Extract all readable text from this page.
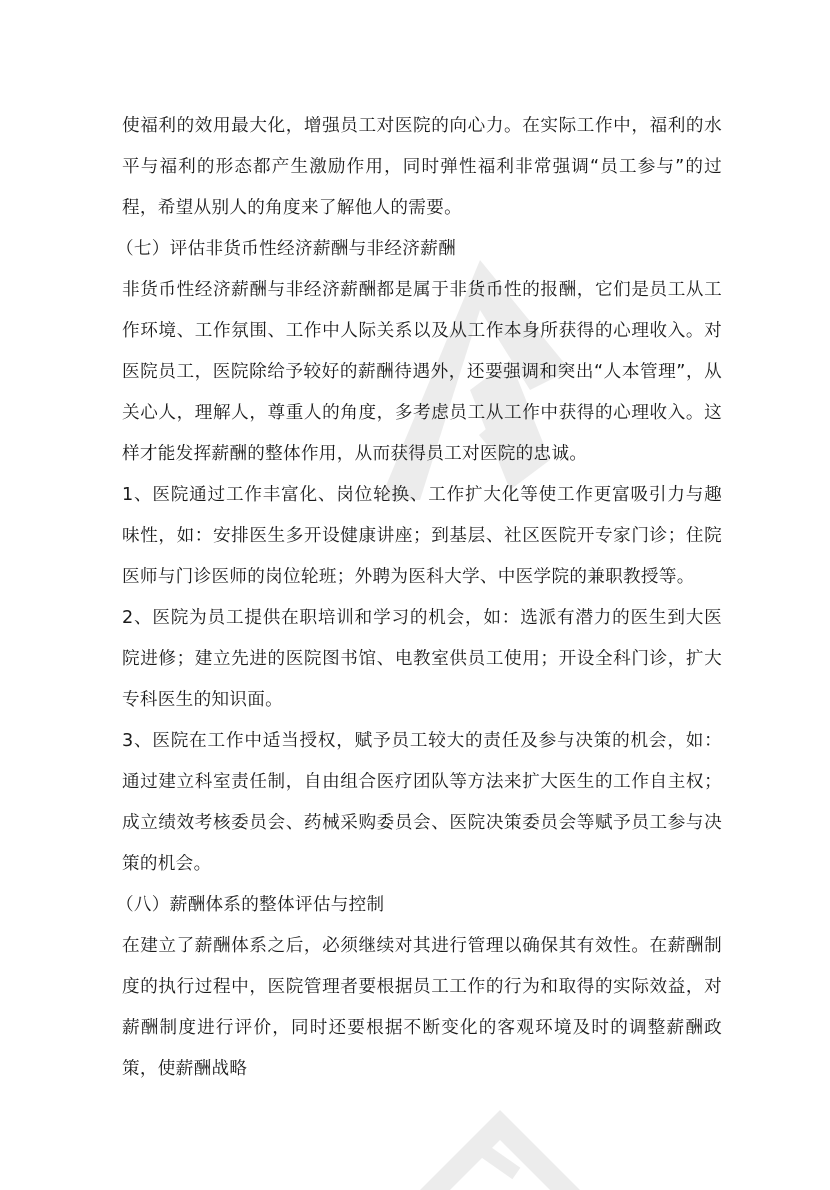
使福利的效用最大化，增强员工对医院的向心力。在实际工作中，福利的水平与福利的形态都产生激励作用，同时弹性福利非常强调“员工参与”的过程，希望从别人的角度来了解他人的需要。

（七）评估非货币性经济薪酬与非经济薪酬

非货币性经济薪酬与非经济薪酬都是属于非货币性的报酬，它们是员工从工作环境、工作氛围、工作中人际关系以及从工作本身所获得的心理收入。对医院员工，医院除给予较好的薪酬待遇外，还要强调和突出“人本管理”，从关心人，理解人，尊重人的角度，多考虑员工从工作中获得的心理收入。这样才能发挥薪酬的整体作用，从而获得员工对医院的忠诚。

1、医院通过工作丰富化、岗位轮换、工作扩大化等使工作更富吸引力与趣味性，如：安排医生多开设健康讲座；到基层、社区医院开专家门诊；住院医师与门诊医师的岗位轮班；外聘为医科大学、中医学院的兼职教授等。

2、医院为员工提供在职培训和学习的机会，如：选派有潜力的医生到大医院进修；建立先进的医院图书馆、电教室供员工使用；开设全科门诊，扩大专科医生的知识面。

3、医院在工作中适当授权，赋予员工较大的责任及参与决策的机会，如：通过建立科室责任制，自由组合医疗团队等方法来扩大医生的工作自主权；成立绩效考核委员会、药械采购委员会、医院决策委员会等赋予员工参与决策的机会。

（八）薪酬体系的整体评估与控制

在建立了薪酬体系之后，必须继续对其进行管理以确保其有效性。在薪酬制度的执行过程中，医院管理者要根据员工工作的行为和取得的实际效益，对薪酬制度进行评价，同时还要根据不断变化的客观环境及时的调整薪酬政策，使薪酬战略
